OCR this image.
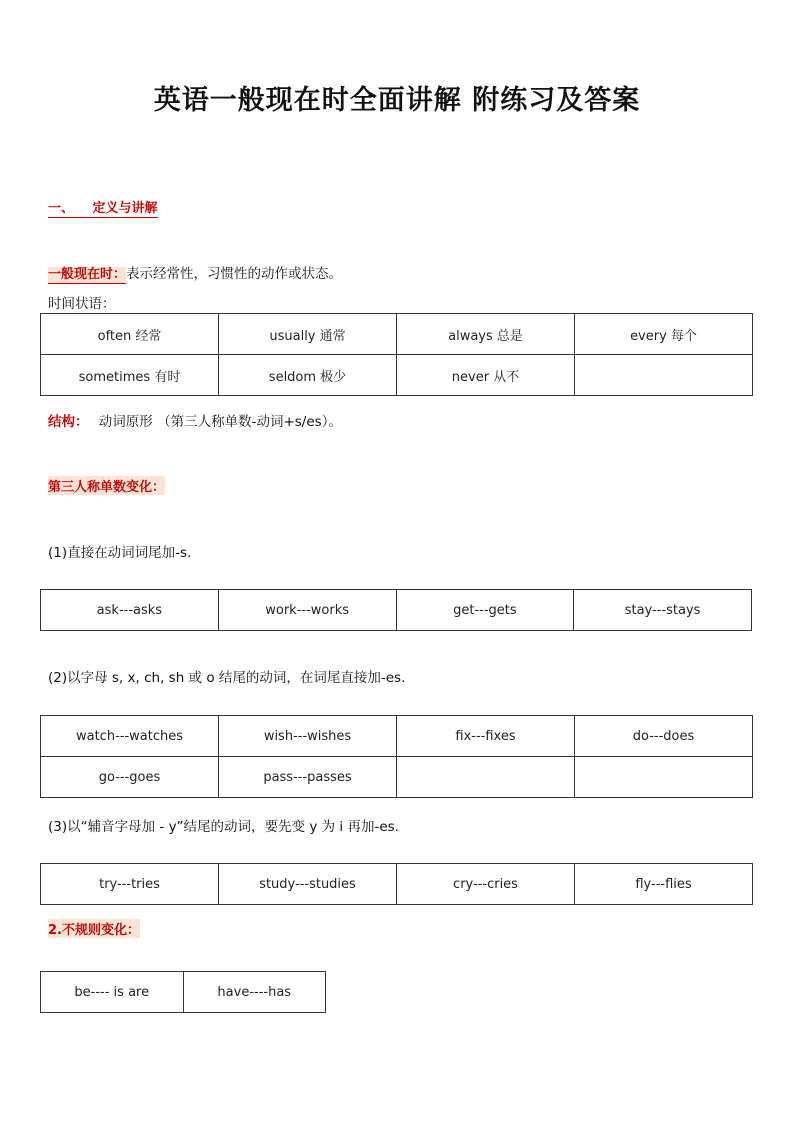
英语一般现在时全面讲解 附练习及答案
一、 定义与讲解
一般现在时：表示经常性，习惯性的动作或状态。
时间状语：
often 经常	usually 通常	always 总是	every 每个
sometimes 有时	seldom 极少	never 从不	
结构： 动词原形 （第三人称单数-动词+s/es）。
第三人称单数变化：
(1)直接在动词词尾加-s.
ask---asks	work---works	get---gets	stay---stays
(2)以字母 s, x, ch, sh 或 o 结尾的动词，在词尾直接加-es.
watch---watches	wish---wishes	fix---fixes	do---does
go---goes	pass---passes		
(3)以“辅音字母加 - y”结尾的动词，要先变 y 为 i 再加-es.
try---tries	study---studies	cry---cries	fly---flies
2.不规则变化：
be---- is are	have----has
